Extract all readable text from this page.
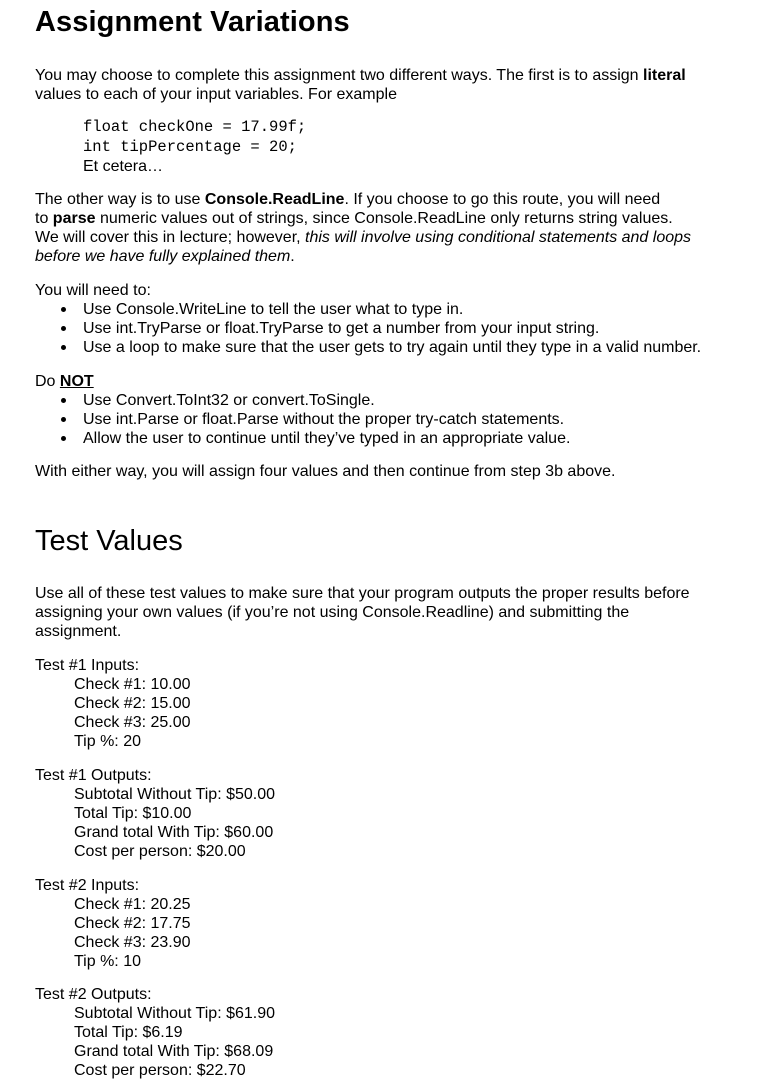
Assignment Variations
You may choose to complete this assignment two different ways. The first is to assign literal
values to each of your input variables. For example
float checkOne = 17.99f;
int tipPercentage = 20;
Et cetera…
The other way is to use Console.ReadLine. If you choose to go this route, you will need
to parse numeric values out of strings, since Console.ReadLine only returns string values.
We will cover this in lecture; however, this will involve using conditional statements and loops
before we have fully explained them.
You will need to:
Use Console.WriteLine to tell the user what to type in.
Use int.TryParse or float.TryParse to get a number from your input string.
Use a loop to make sure that the user gets to try again until they type in a valid number.
Do NOT
Use Convert.ToInt32 or convert.ToSingle.
Use int.Parse or float.Parse without the proper try-catch statements.
Allow the user to continue until they’ve typed in an appropriate value.
With either way, you will assign four values and then continue from step 3b above.
Test Values
Use all of these test values to make sure that your program outputs the proper results before
assigning your own values (if you’re not using Console.Readline) and submitting the
assignment.
Test #1 Inputs:
Check #1: 10.00
Check #2: 15.00
Check #3: 25.00
Tip %: 20
Test #1 Outputs:
Subtotal Without Tip: $50.00
Total Tip: $10.00
Grand total With Tip: $60.00
Cost per person: $20.00
Test #2 Inputs:
Check #1: 20.25
Check #2: 17.75
Check #3: 23.90
Tip %: 10
Test #2 Outputs:
Subtotal Without Tip: $61.90
Total Tip: $6.19
Grand total With Tip: $68.09
Cost per person: $22.70
